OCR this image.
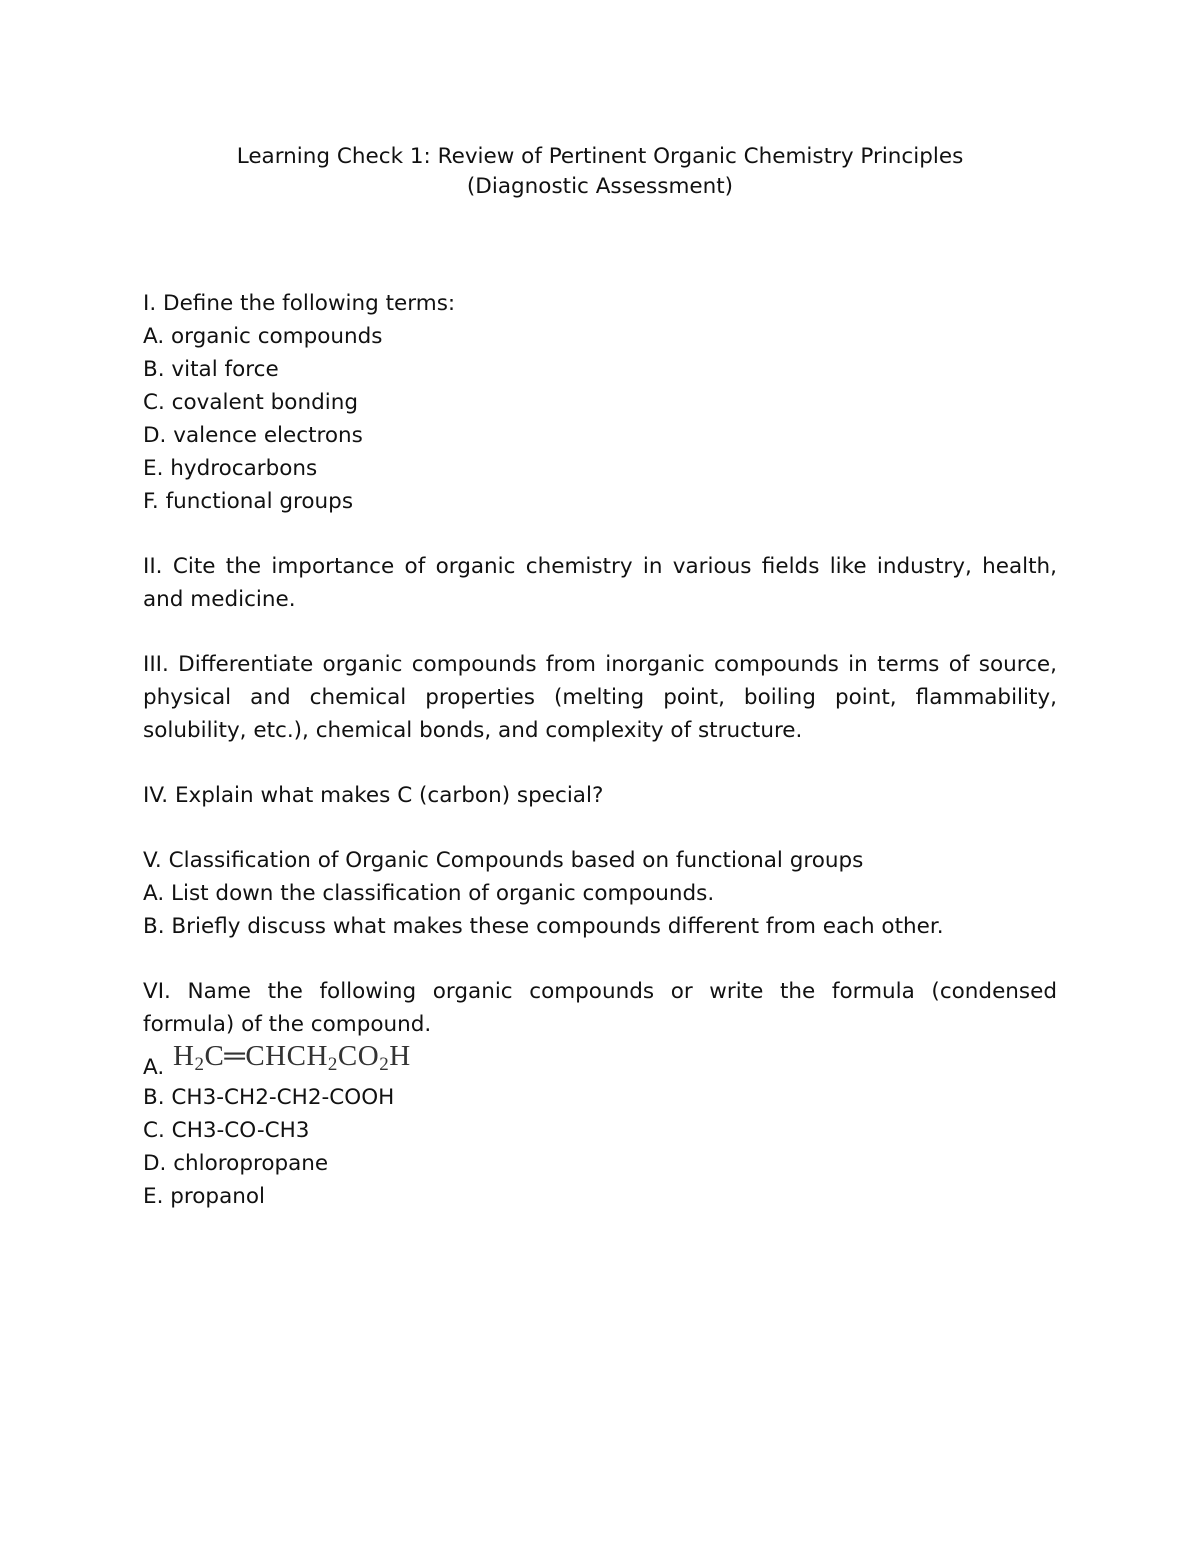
Learning Check 1: Review of Pertinent Organic Chemistry Principles
(Diagnostic Assessment)
I. Define the following terms:
A. organic compounds
B. vital force
C. covalent bonding
D. valence electrons
E. hydrocarbons
F. functional groups
II. Cite the importance of organic chemistry in various fields like industry, health, and medicine.
III. Differentiate organic compounds from inorganic compounds in terms of source, physical and chemical properties (melting point, boiling point, flammability, solubility, etc.), chemical bonds, and complexity of structure.
IV. Explain what makes C (carbon) special?
V. Classification of Organic Compounds based on functional groups
A. List down the classification of organic compounds.
B. Briefly discuss what makes these compounds different from each other.
VI. Name the following organic compounds or write the formula (condensed formula) of the compound.
A. $H_2C═CHCH_2CO_2H$
B. CH3-CH2-CH2-COOH
C. CH3-CO-CH3
D. chloropropane
E. propanol
